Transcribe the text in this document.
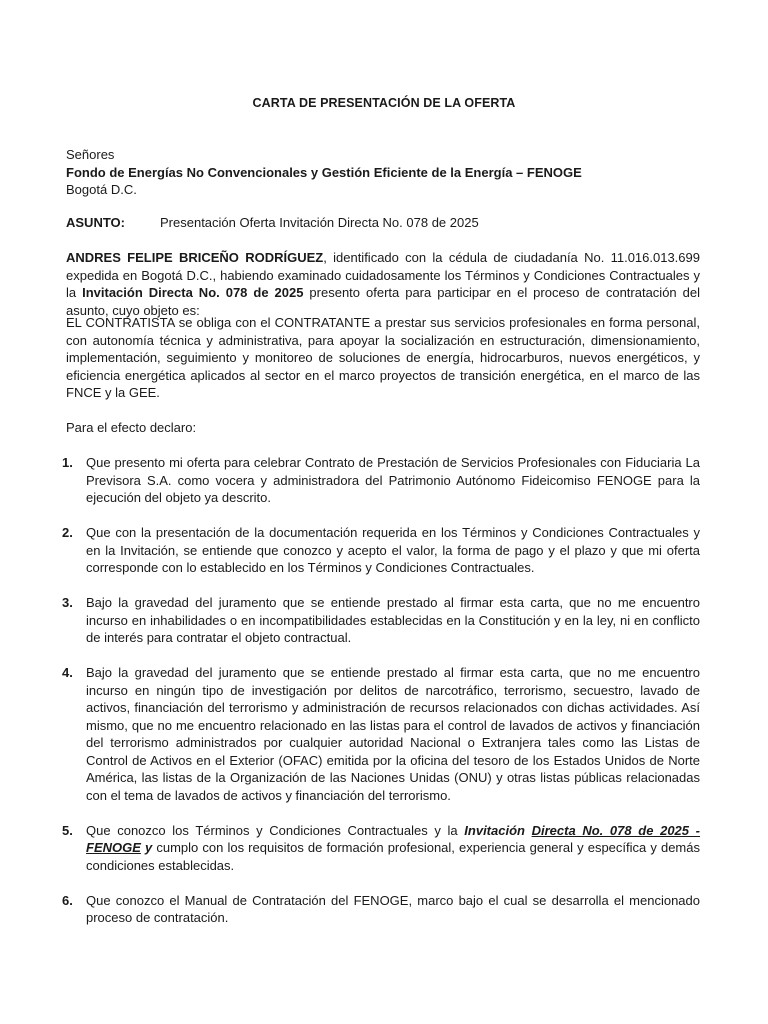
CARTA DE PRESENTACIÓN DE LA OFERTA
Señores
Fondo de Energías No Convencionales y Gestión Eficiente de la Energía – FENOGE
Bogotá D.C.
ASUNTO:	Presentación Oferta Invitación Directa No. 078 de 2025
ANDRES FELIPE BRICEÑO RODRÍGUEZ, identificado con la cédula de ciudadanía No. 11.016.013.699 expedida en Bogotá D.C., habiendo examinado cuidadosamente los Términos y Condiciones Contractuales y la Invitación Directa No. 078 de 2025 presento oferta para participar en el proceso de contratación del asunto, cuyo objeto es:
EL CONTRATISTA se obliga con el CONTRATANTE a prestar sus servicios profesionales en forma personal, con autonomía técnica y administrativa, para apoyar la socialización en estructuración, dimensionamiento, implementación, seguimiento y monitoreo de soluciones de energía, hidrocarburos, nuevos energéticos, y eficiencia energética aplicados al sector en el marco proyectos de transición energética, en el marco de las FNCE y la GEE.
Para el efecto declaro:
1. Que presento mi oferta para celebrar Contrato de Prestación de Servicios Profesionales con Fiduciaria La Previsora S.A. como vocera y administradora del Patrimonio Autónomo Fideicomiso FENOGE para la ejecución del objeto ya descrito.
2. Que con la presentación de la documentación requerida en los Términos y Condiciones Contractuales y en la Invitación, se entiende que conozco y acepto el valor, la forma de pago y el plazo y que mi oferta corresponde con lo establecido en los Términos y Condiciones Contractuales.
3. Bajo la gravedad del juramento que se entiende prestado al firmar esta carta, que no me encuentro incurso en inhabilidades o en incompatibilidades establecidas en la Constitución y en la ley, ni en conflicto de interés para contratar el objeto contractual.
4. Bajo la gravedad del juramento que se entiende prestado al firmar esta carta, que no me encuentro incurso en ningún tipo de investigación por delitos de narcotráfico, terrorismo, secuestro, lavado de activos, financiación del terrorismo y administración de recursos relacionados con dichas actividades. Así mismo, que no me encuentro relacionado en las listas para el control de lavados de activos y financiación del terrorismo administrados por cualquier autoridad Nacional o Extranjera tales como las Listas de Control de Activos en el Exterior (OFAC) emitida por la oficina del tesoro de los Estados Unidos de Norte América, las listas de la Organización de las Naciones Unidas (ONU) y otras listas públicas relacionadas con el tema de lavados de activos y financiación del terrorismo.
5. Que conozco los Términos y Condiciones Contractuales y la Invitación Directa No. 078 de 2025 - FENOGE y cumplo con los requisitos de formación profesional, experiencia general y específica y demás condiciones establecidas.
6. Que conozco el Manual de Contratación del FENOGE, marco bajo el cual se desarrolla el mencionado proceso de contratación.
